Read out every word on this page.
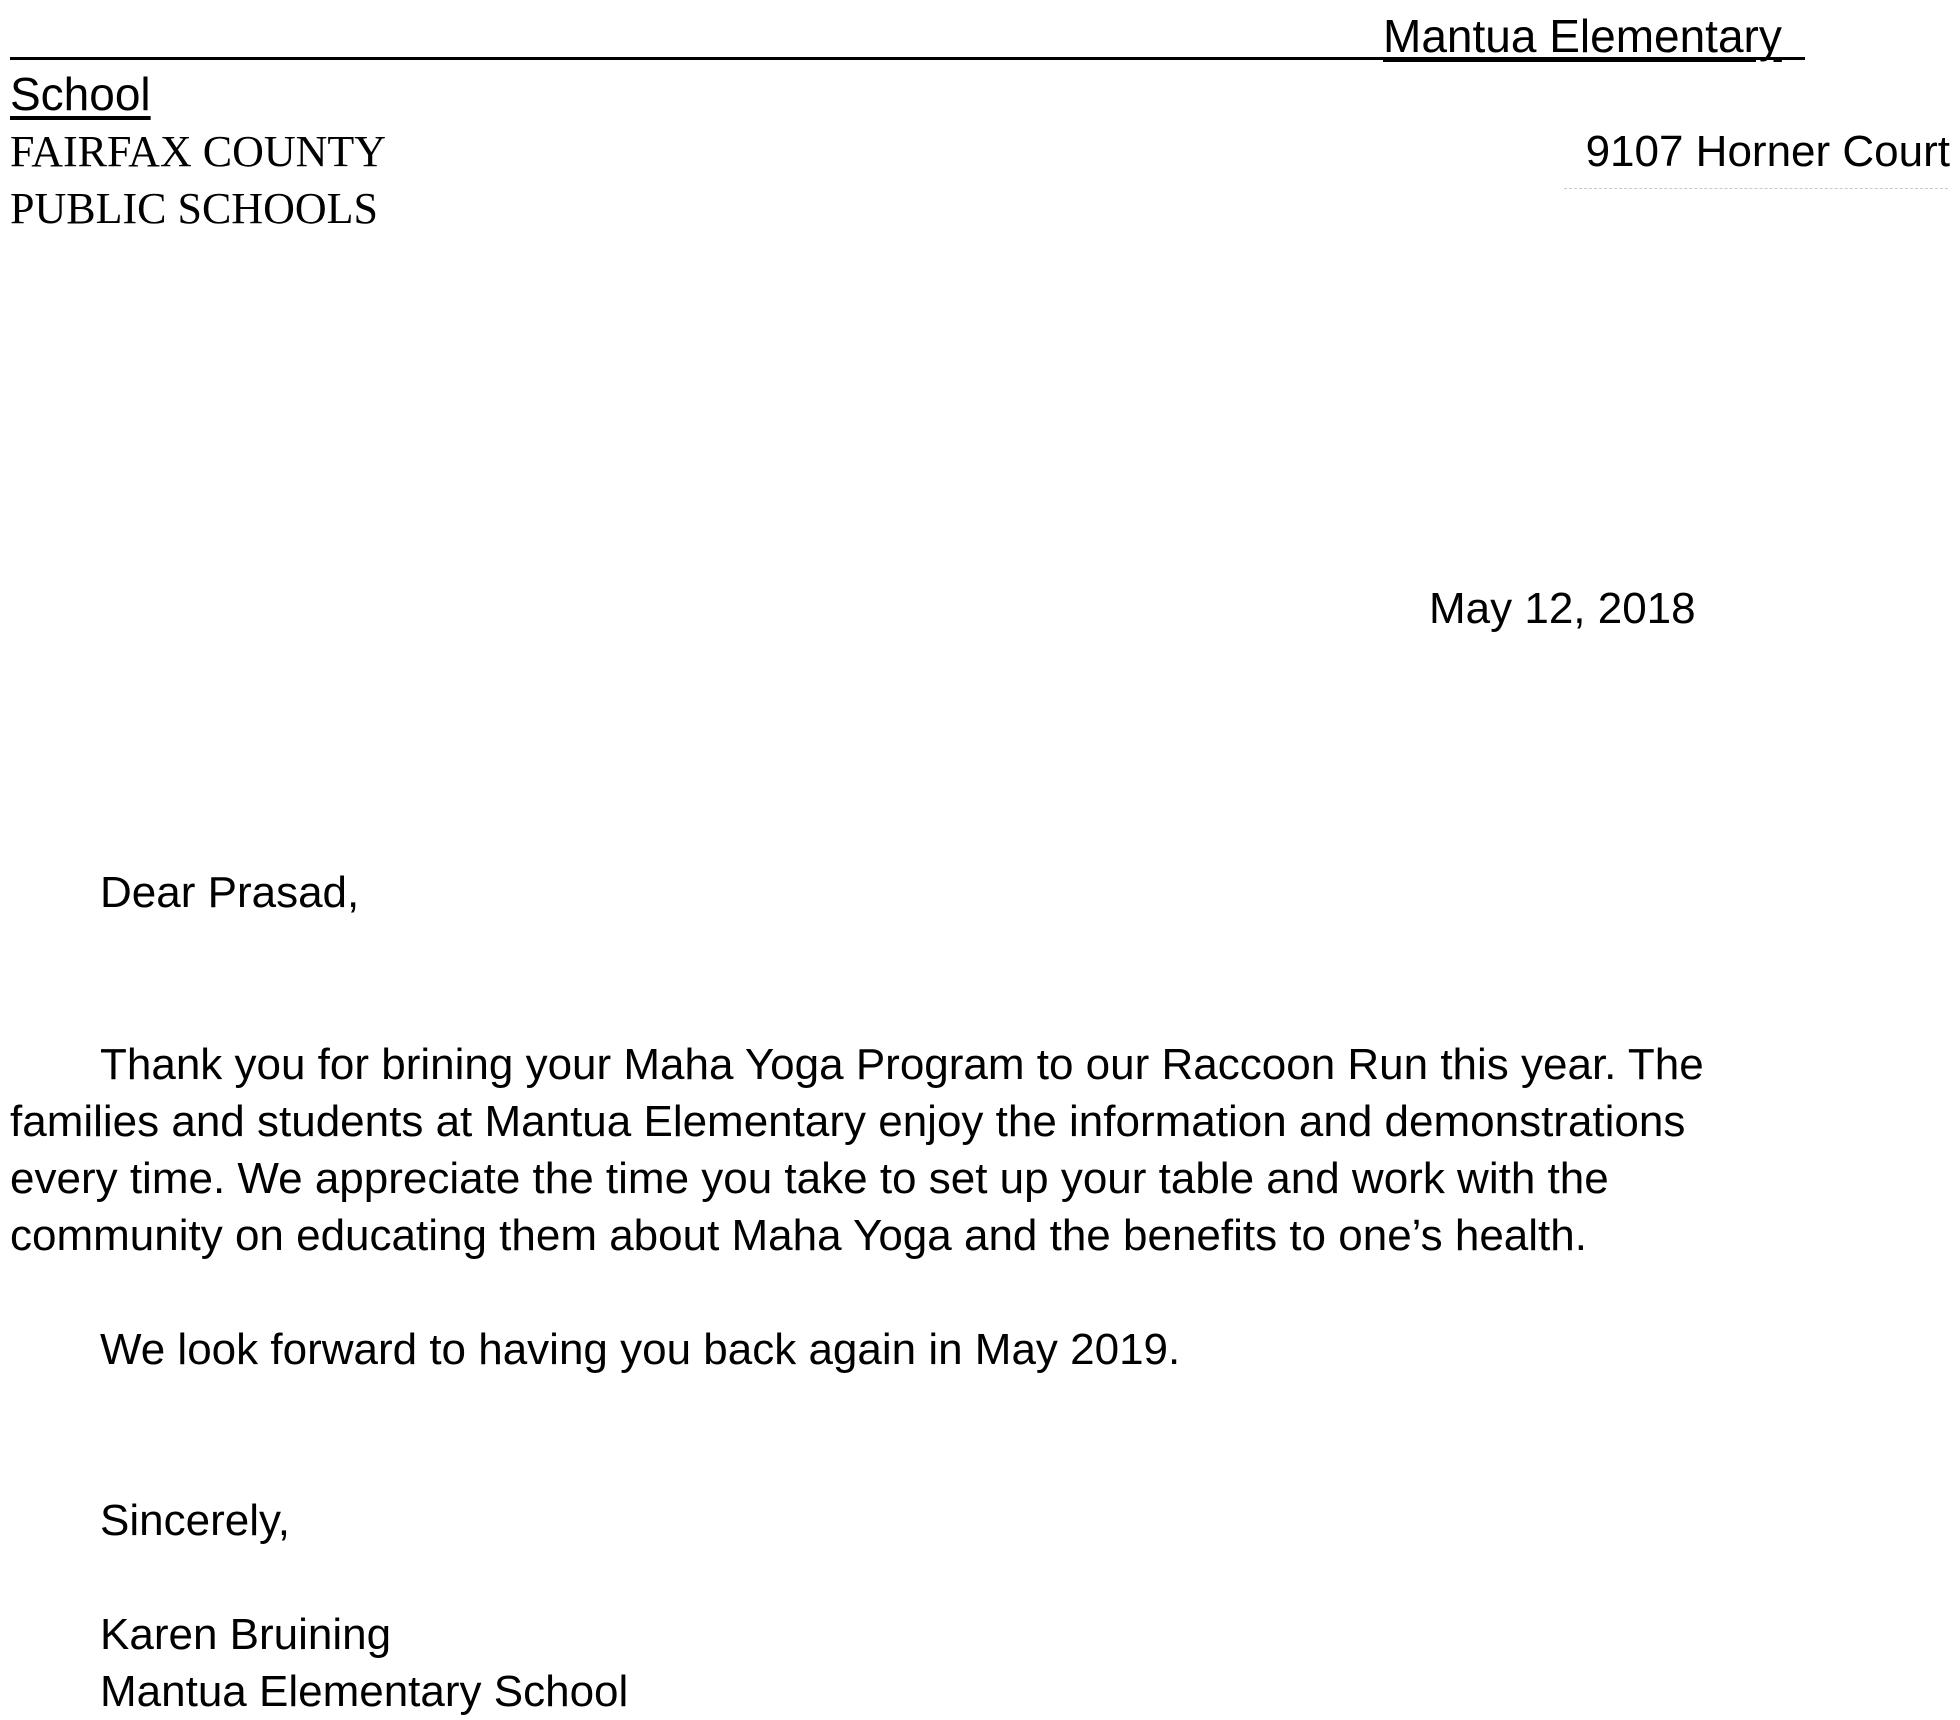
Mantua Elementary
School
FAIRFAX COUNTY
PUBLIC SCHOOLS
9107 Horner Court
May 12, 2018
Dear Prasad,

Thank you for brining your Maha Yoga Program to our Raccoon Run this year. The
families and students at Mantua Elementary enjoy the information and demonstrations
every time. We appreciate the time you take to set up your table and work with the
community on educating them about Maha Yoga and the benefits to one’s health.

We look forward to having you back again in May 2019.
Sincerely,
Karen Bruining
Mantua Elementary School
